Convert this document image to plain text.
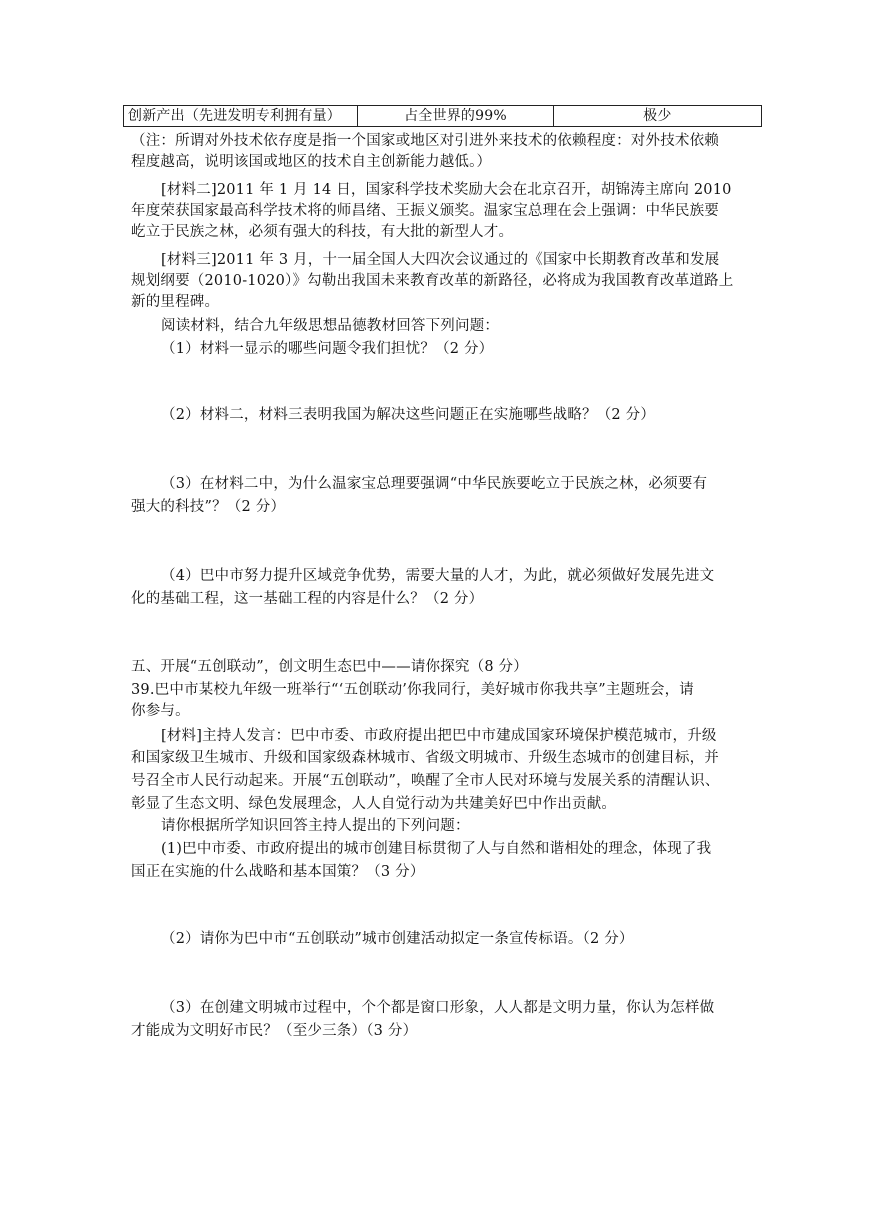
创新产出（先进发明专利拥有量）	占全世界的99%	极少
（注：所谓对外技术依存度是指一个国家或地区对引进外来技术的依赖程度：对外技术依赖
程度越高，说明该国或地区的技术自主创新能力越低。）
[材料二]2011 年 1 月 14 日，国家科学技术奖励大会在北京召开，胡锦涛主席向 2010
年度荣获国家最高科学技术将的师昌绪、王振义颁奖。温家宝总理在会上强调：中华民族要
屹立于民族之林，必须有强大的科技，有大批的新型人才。
[材料三]2011 年 3 月，十一届全国人大四次会议通过的《国家中长期教育改革和发展
规划纲要（2010-1020）》勾勒出我国未来教育改革的新路径，必将成为我国教育改革道路上
新的里程碑。
阅读材料，结合九年级思想品德教材回答下列问题：
（1）材料一显示的哪些问题令我们担忧？（2 分）
（2）材料二，材料三表明我国为解决这些问题正在实施哪些战略？（2 分）
（3）在材料二中，为什么温家宝总理要强调“中华民族要屹立于民族之林，必须要有
强大的科技”？（2 分）
（4）巴中市努力提升区域竞争优势，需要大量的人才，为此，就必须做好发展先进文
化的基础工程，这一基础工程的内容是什么？（2 分）
五、开展“五创联动”，创文明生态巴中——请你探究（8 分）
39.巴中市某校九年级一班举行“‘五创联动’你我同行，美好城市你我共享”主题班会，请
你参与。
[材料]主持人发言：巴中市委、市政府提出把巴中市建成国家环境保护模范城市，升级
和国家级卫生城市、升级和国家级森林城市、省级文明城市、升级生态城市的创建目标，并
号召全市人民行动起来。开展“五创联动”，唤醒了全市人民对环境与发展关系的清醒认识、
彰显了生态文明、绿色发展理念，人人自觉行动为共建美好巴中作出贡献。
请你根据所学知识回答主持人提出的下列问题：
(1)巴中市委、市政府提出的城市创建目标贯彻了人与自然和谐相处的理念，体现了我
国正在实施的什么战略和基本国策？（3 分）
（2）请你为巴中市“五创联动”城市创建活动拟定一条宣传标语。（2 分）
（3）在创建文明城市过程中，个个都是窗口形象，人人都是文明力量，你认为怎样做
才能成为文明好市民？（至少三条）（3 分）
